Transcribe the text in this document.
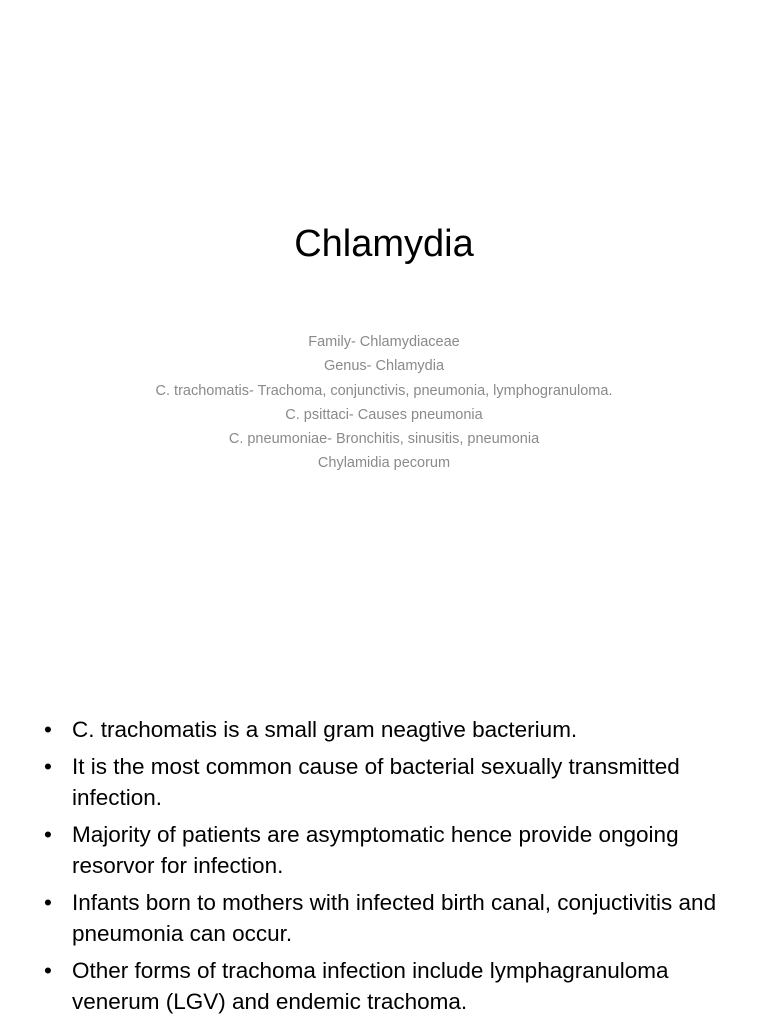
Chlamydia
Family- Chlamydiaceae
Genus- Chlamydia
C. trachomatis- Trachoma, conjunctivis, pneumonia, lymphogranuloma.
C. psittaci- Causes pneumonia
C. pneumoniae- Bronchitis, sinusitis, pneumonia
Chylamidia pecorum
• C. trachomatis is a small gram neagtive bacterium.
• It is the most common cause of bacterial sexually transmitted infection.
• Majority of patients are asymptomatic hence provide ongoing resorvor for infection.
• Infants born to mothers with infected birth canal, conjuctivitis and pneumonia can occur.
• Other forms of trachoma infection include lymphagranuloma venerum (LGV) and endemic trachoma.
